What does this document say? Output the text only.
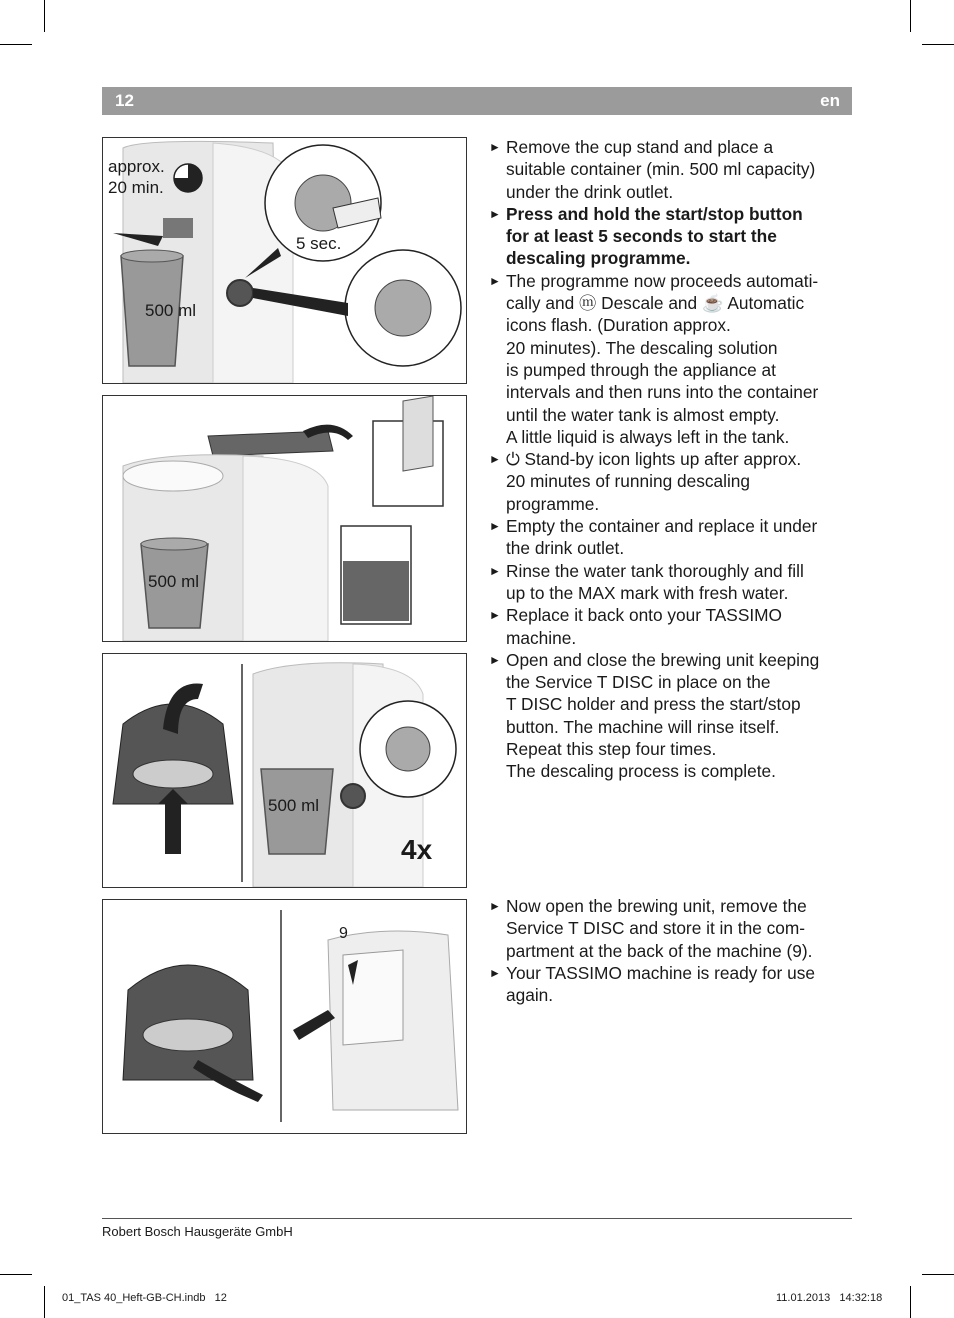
12	en
approx.
20 min.
500 ml
5 sec.
500 ml
500 ml
4x
9
► Remove the cup stand and place a
suitable container (min. 500 ml capacity)
under the drink outlet.
► Press and hold the start/stop button
for at least 5 seconds to start the
descaling programme.
► The programme now proceeds automati-
cally and ⓜ Descale and ☕ Automatic
icons flash. (Duration approx.
20 minutes). The descaling solution
is pumped through the appliance at
intervals and then runs into the container
until the water tank is almost empty.
A little liquid is always left in the tank.
► ⏻ Stand-by icon lights up after approx.
20 minutes of running descaling
programme.
► Empty the container and replace it under
the drink outlet.
► Rinse the water tank thoroughly and fill
up to the MAX mark with fresh water.
► Replace it back onto your TASSIMO
machine.
► Open and close the brewing unit keeping
the Service T DISC in place on the
T DISC holder and press the start/stop
button. The machine will rinse itself.
Repeat this step four times.
The descaling process is complete.
► Now open the brewing unit, remove the
Service T DISC and store it in the com-
partment at the back of the machine (9).
► Your TASSIMO machine is ready for use
again.
Robert Bosch Hausgeräte GmbH
01_TAS 40_Heft-GB-CH.indb   12	11.01.2013   14:32:18
